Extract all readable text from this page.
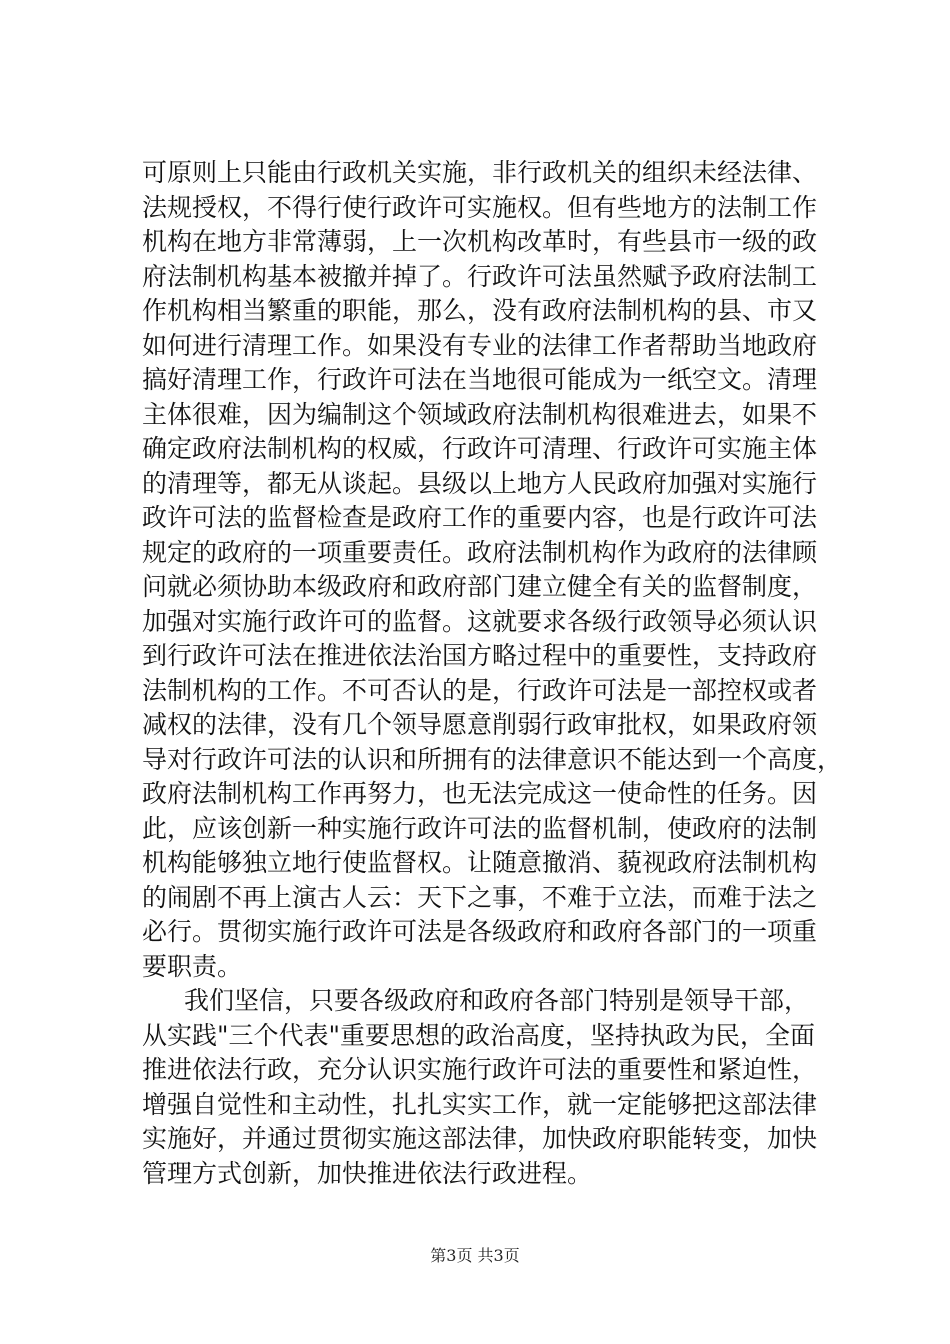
可原则上只能由行政机关实施，非行政机关的组织未经法律、
法规授权，不得行使行政许可实施权。但有些地方的法制工作
机构在地方非常薄弱，上一次机构改革时，有些县市一级的政
府法制机构基本被撤并掉了。行政许可法虽然赋予政府法制工
作机构相当繁重的职能，那么，没有政府法制机构的县、市又
如何进行清理工作。如果没有专业的法律工作者帮助当地政府
搞好清理工作，行政许可法在当地很可能成为一纸空文。清理
主体很难，因为编制这个领域政府法制机构很难进去，如果不
确定政府法制机构的权威，行政许可清理、行政许可实施主体
的清理等，都无从谈起。县级以上地方人民政府加强对实施行
政许可法的监督检查是政府工作的重要内容，也是行政许可法
规定的政府的一项重要责任。政府法制机构作为政府的法律顾
问就必须协助本级政府和政府部门建立健全有关的监督制度，
加强对实施行政许可的监督。这就要求各级行政领导必须认识
到行政许可法在推进依法治国方略过程中的重要性，支持政府
法制机构的工作。不可否认的是，行政许可法是一部控权或者
减权的法律，没有几个领导愿意削弱行政审批权，如果政府领
导对行政许可法的认识和所拥有的法律意识不能达到一个高度，
政府法制机构工作再努力，也无法完成这一使命性的任务。因
此，应该创新一种实施行政许可法的监督机制，使政府的法制
机构能够独立地行使监督权。让随意撤消、藐视政府法制机构
的闹剧不再上演古人云：天下之事，不难于立法，而难于法之
必行。贯彻实施行政许可法是各级政府和政府各部门的一项重
要职责。
我们坚信，只要各级政府和政府各部门特别是领导干部，
从实践"三个代表"重要思想的政治高度，坚持执政为民，全面
推进依法行政，充分认识实施行政许可法的重要性和紧迫性，
增强自觉性和主动性，扎扎实实工作，就一定能够把这部法律
实施好，并通过贯彻实施这部法律，加快政府职能转变，加快
管理方式创新，加快推进依法行政进程。
第3页 共3页
